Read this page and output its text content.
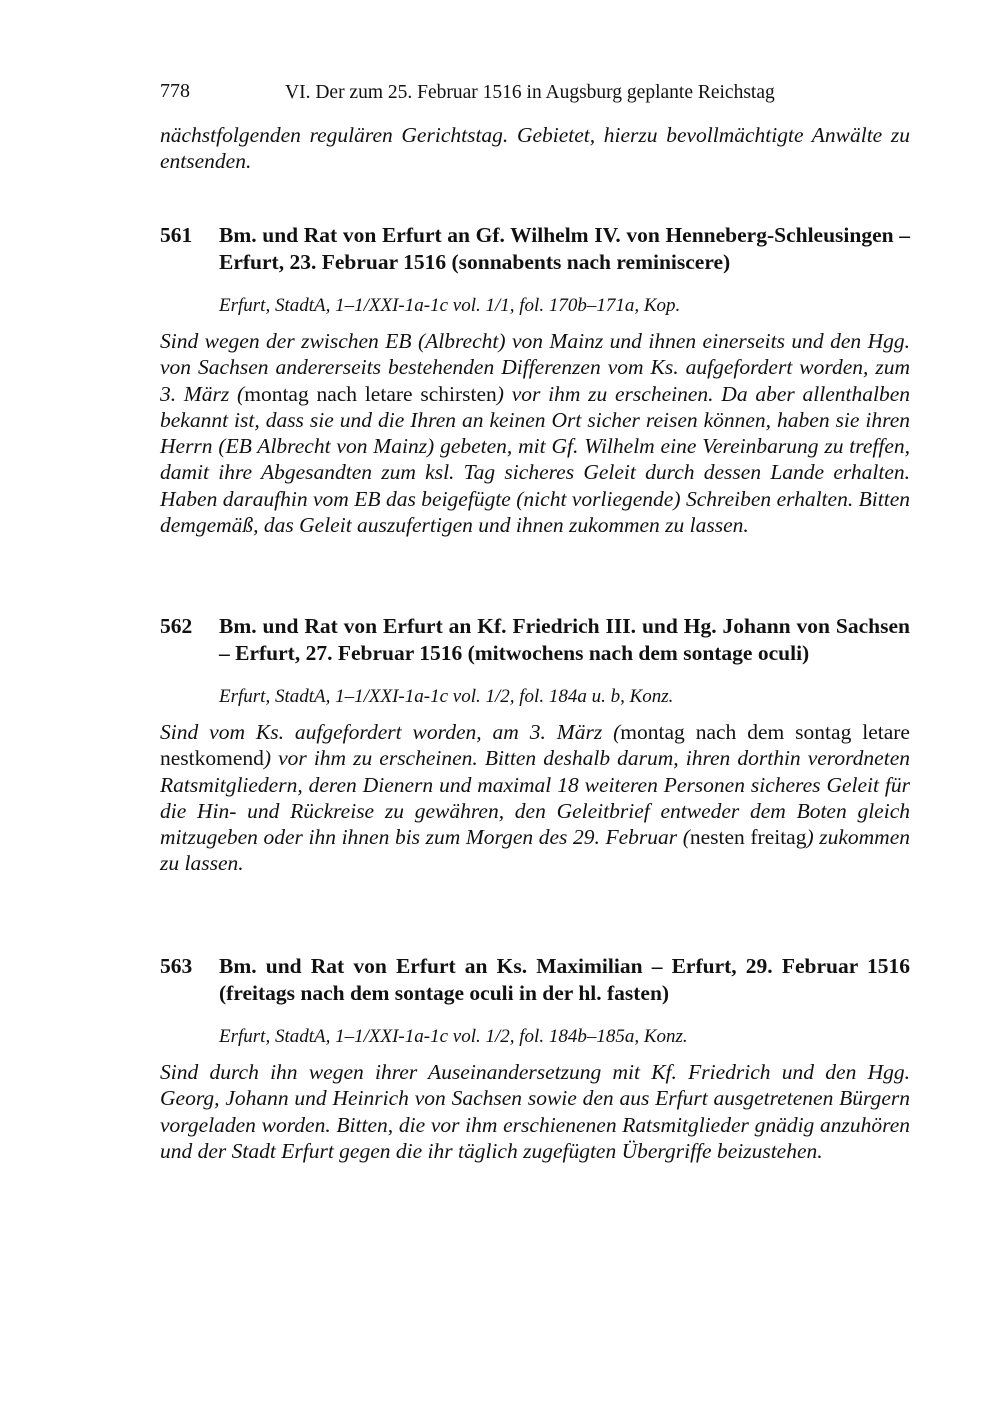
778	VI. Der zum 25. Februar 1516 in Augsburg geplante Reichstag

nächstfolgenden regulären Gerichtstag. Gebietet, hierzu bevollmächtigte Anwälte zu entsenden.

561 Bm. und Rat von Erfurt an Gf. Wilhelm IV. von Henneberg-Schleusingen – Erfurt, 23. Februar 1516 (sonnabents nach reminiscere)
Erfurt, StadtA, 1–1/XXI-1a-1c vol. 1/1, fol. 170b–171a, Kop.

Sind wegen der zwischen EB (Albrecht) von Mainz und ihnen einerseits und den Hgg. von Sachsen andererseits bestehenden Differenzen vom Ks. aufgefordert worden, zum 3. März (montag nach letare schirsten) vor ihm zu erscheinen. Da aber allenthalben bekannt ist, dass sie und die Ihren an keinen Ort sicher reisen können, haben sie ihren Herrn (EB Albrecht von Mainz) gebeten, mit Gf. Wilhelm eine Vereinbarung zu treffen, damit ihre Abgesandten zum ksl. Tag sicheres Geleit durch dessen Lande erhalten. Haben daraufhin vom EB das beigefügte (nicht vorliegende) Schreiben erhalten. Bitten demgemäß, das Geleit auszufertigen und ihnen zukommen zu lassen.

562 Bm. und Rat von Erfurt an Kf. Friedrich III. und Hg. Johann von Sachsen – Erfurt, 27. Februar 1516 (mitwochens nach dem sontage oculi)
Erfurt, StadtA, 1–1/XXI-1a-1c vol. 1/2, fol. 184a u. b, Konz.

Sind vom Ks. aufgefordert worden, am 3. März (montag nach dem sontag letare nestkomend) vor ihm zu erscheinen. Bitten deshalb darum, ihren dorthin verordneten Ratsmitgliedern, deren Dienern und maximal 18 weiteren Personen sicheres Geleit für die Hin- und Rückreise zu gewähren, den Geleitbrief entweder dem Boten gleich mitzugeben oder ihn ihnen bis zum Morgen des 29. Februar (nesten freitag) zukommen zu lassen.

563 Bm. und Rat von Erfurt an Ks. Maximilian – Erfurt, 29. Februar 1516 (freitags nach dem sontage oculi in der hl. fasten)
Erfurt, StadtA, 1–1/XXI-1a-1c vol. 1/2, fol. 184b–185a, Konz.

Sind durch ihn wegen ihrer Auseinandersetzung mit Kf. Friedrich und den Hgg. Georg, Johann und Heinrich von Sachsen sowie den aus Erfurt ausgetretenen Bürgern vorgeladen worden. Bitten, die vor ihm erschienenen Ratsmitglieder gnädig anzuhören und der Stadt Erfurt gegen die ihr täglich zugefügten Übergriffe beizustehen.
